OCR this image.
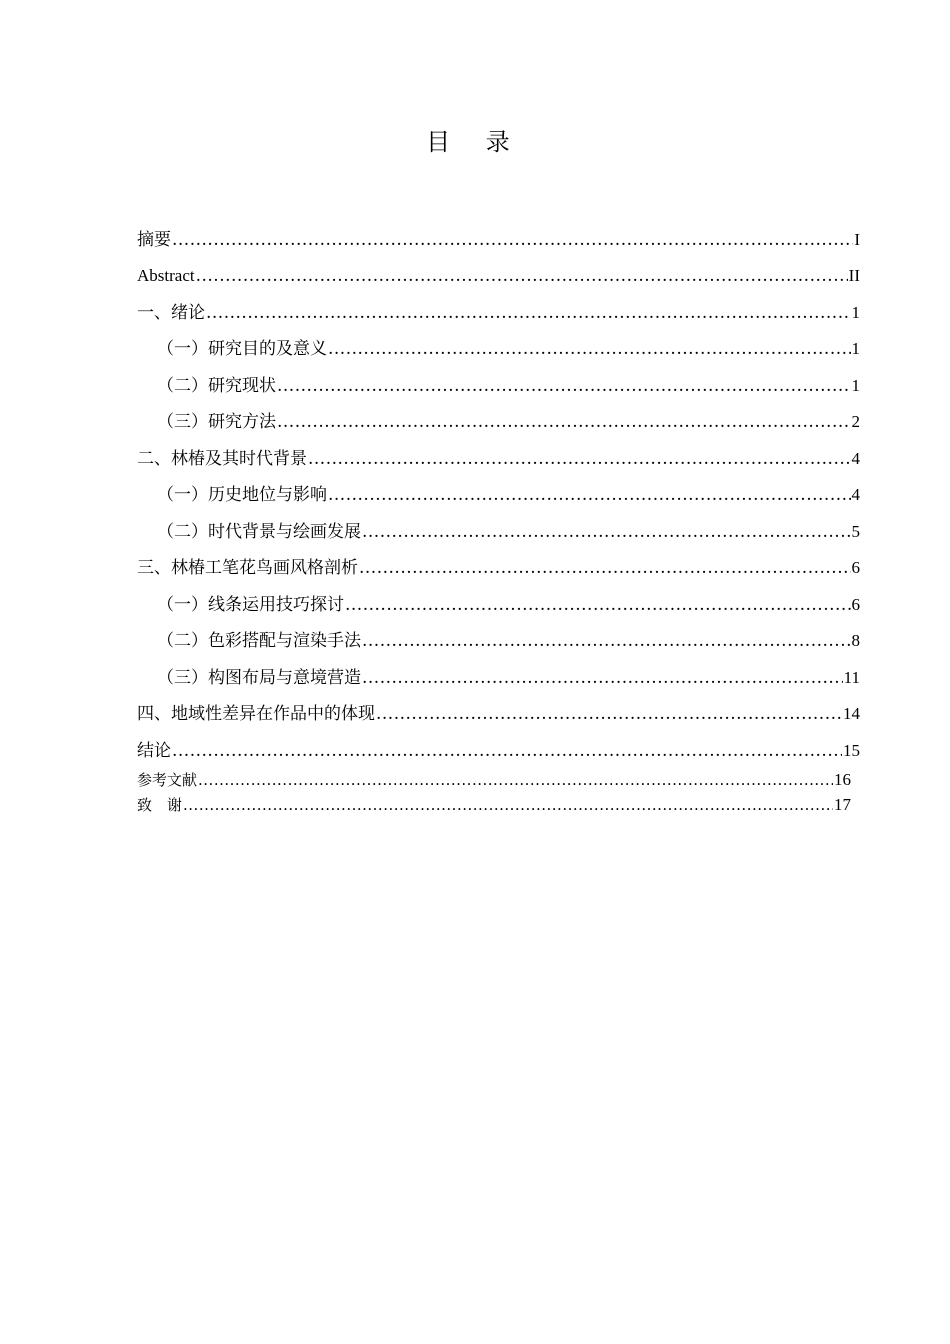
目 录
摘要 .....	I
Abstract .....	II
一、绪论 .....	1
（一）研究目的及意义 .....	1
（二）研究现状 .....	1
（三）研究方法 .....	2
二、林椿及其时代背景 .....	4
（一）历史地位与影响 .....	4
（二）时代背景与绘画发展 .....	5
三、林椿工笔花鸟画风格剖析 .....	6
（一）线条运用技巧探讨 .....	6
（二）色彩搭配与渲染手法 .....	8
（三）构图布局与意境营造 .....	11
四、地域性差异在作品中的体现 .....	14
结论 .....	15
参考文献 .....	16
致　谢 .....	17
